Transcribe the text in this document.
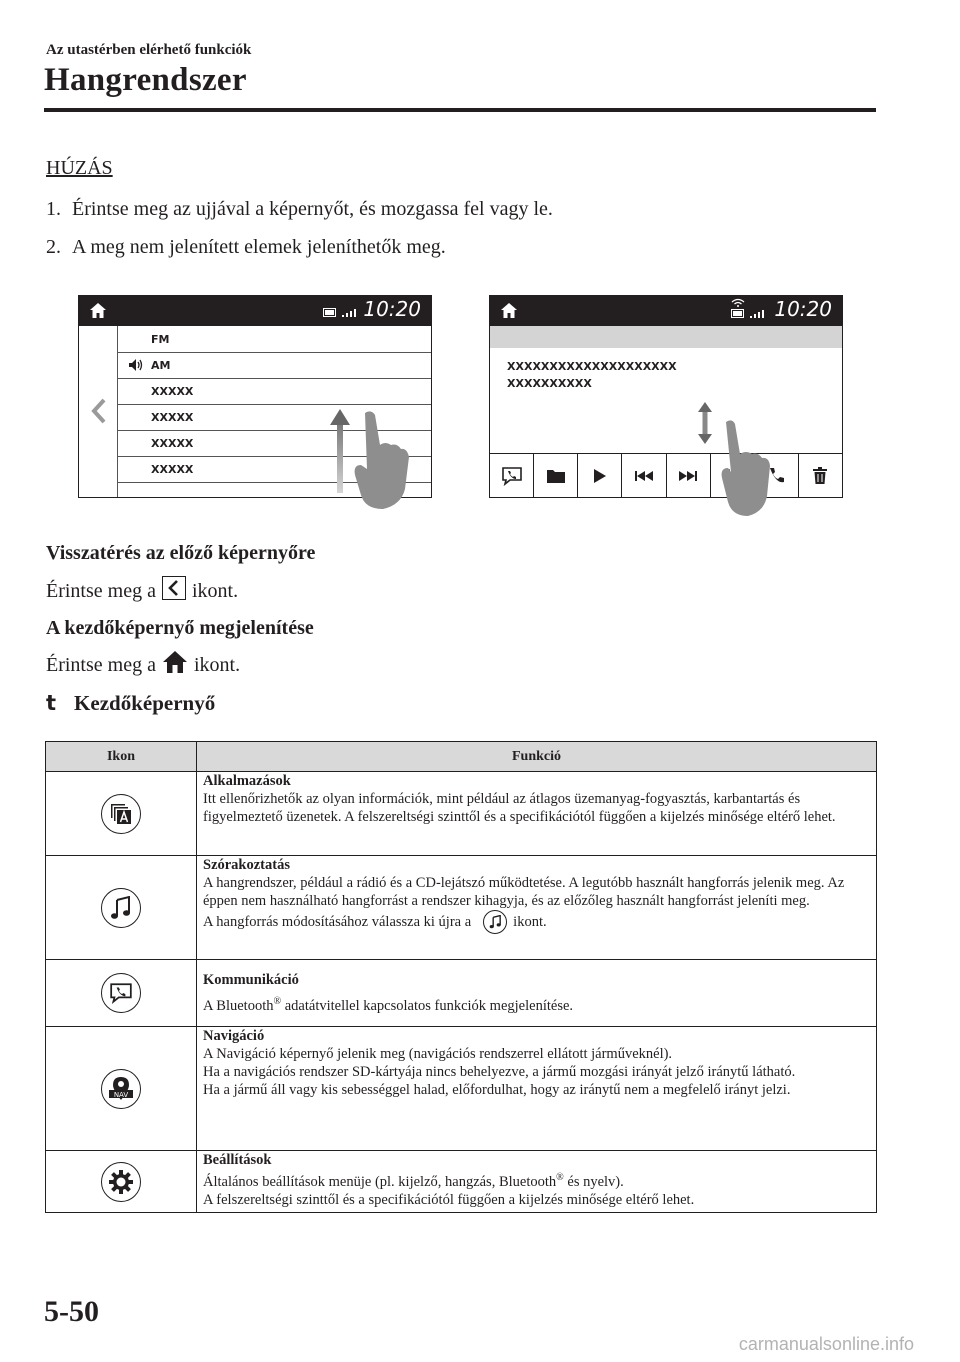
Az utastérben elérhető funkciók
Hangrendszer
HÚZÁS
1. Érintse meg az ujjával a képernyőt, és mozgassa fel vagy le.
2. A meg nem jelenített elemek jeleníthetők meg.
10:20
FM
AM
XXXXX
XXXXX
XXXXX
XXXXX
10:20
XXXXXXXXXXXXXXXXXXXX
XXXXXXXXXX
Visszatérés az előző képernyőre
Érintse meg a ikont.
A kezdőképernyő megjelenítése
Érintse meg a ikont.
t Kezdőképernyő
Ikon	Funkció

Alkalmazások
Itt ellenőrizhetők az olyan információk, mint például az átlagos üzemanyag-fogyasztás, karbantartás és figyelmeztető üzenetek. A felszereltségi szinttől és a specifikációtól függően a kijelzés minősége eltérő lehet.

Szórakoztatás
A hangrendszer, például a rádió és a CD-lejátszó működtetése. A legutóbb használt hangforrás jelenik meg. Az éppen nem használható hangforrást a rendszer kihagyja, és az előzőleg használt hangforrást jeleníti meg.
A hangforrás módosításához válassza ki újra a ikont.

Kommunikáció
A Bluetooth® adatátvitellel kapcsolatos funkciók megjelenítése.

NAV	Navigáció
A Navigáció képernyő jelenik meg (navigációs rendszerrel ellátott járműveknél).
Ha a navigációs rendszer SD-kártyája nincs behelyezve, a jármű mozgási irányát jelző iránytű látható.
Ha a jármű áll vagy kis sebességgel halad, előfordulhat, hogy az iránytű nem a megfelelő irányt jelzi.

Beállítások
Általános beállítások menüje (pl. kijelző, hangzás, Bluetooth® és nyelv).
A felszereltségi szinttől és a specifikációtól függően a kijelzés minősége eltérő lehet.
5-50
carmanualsonline.info
